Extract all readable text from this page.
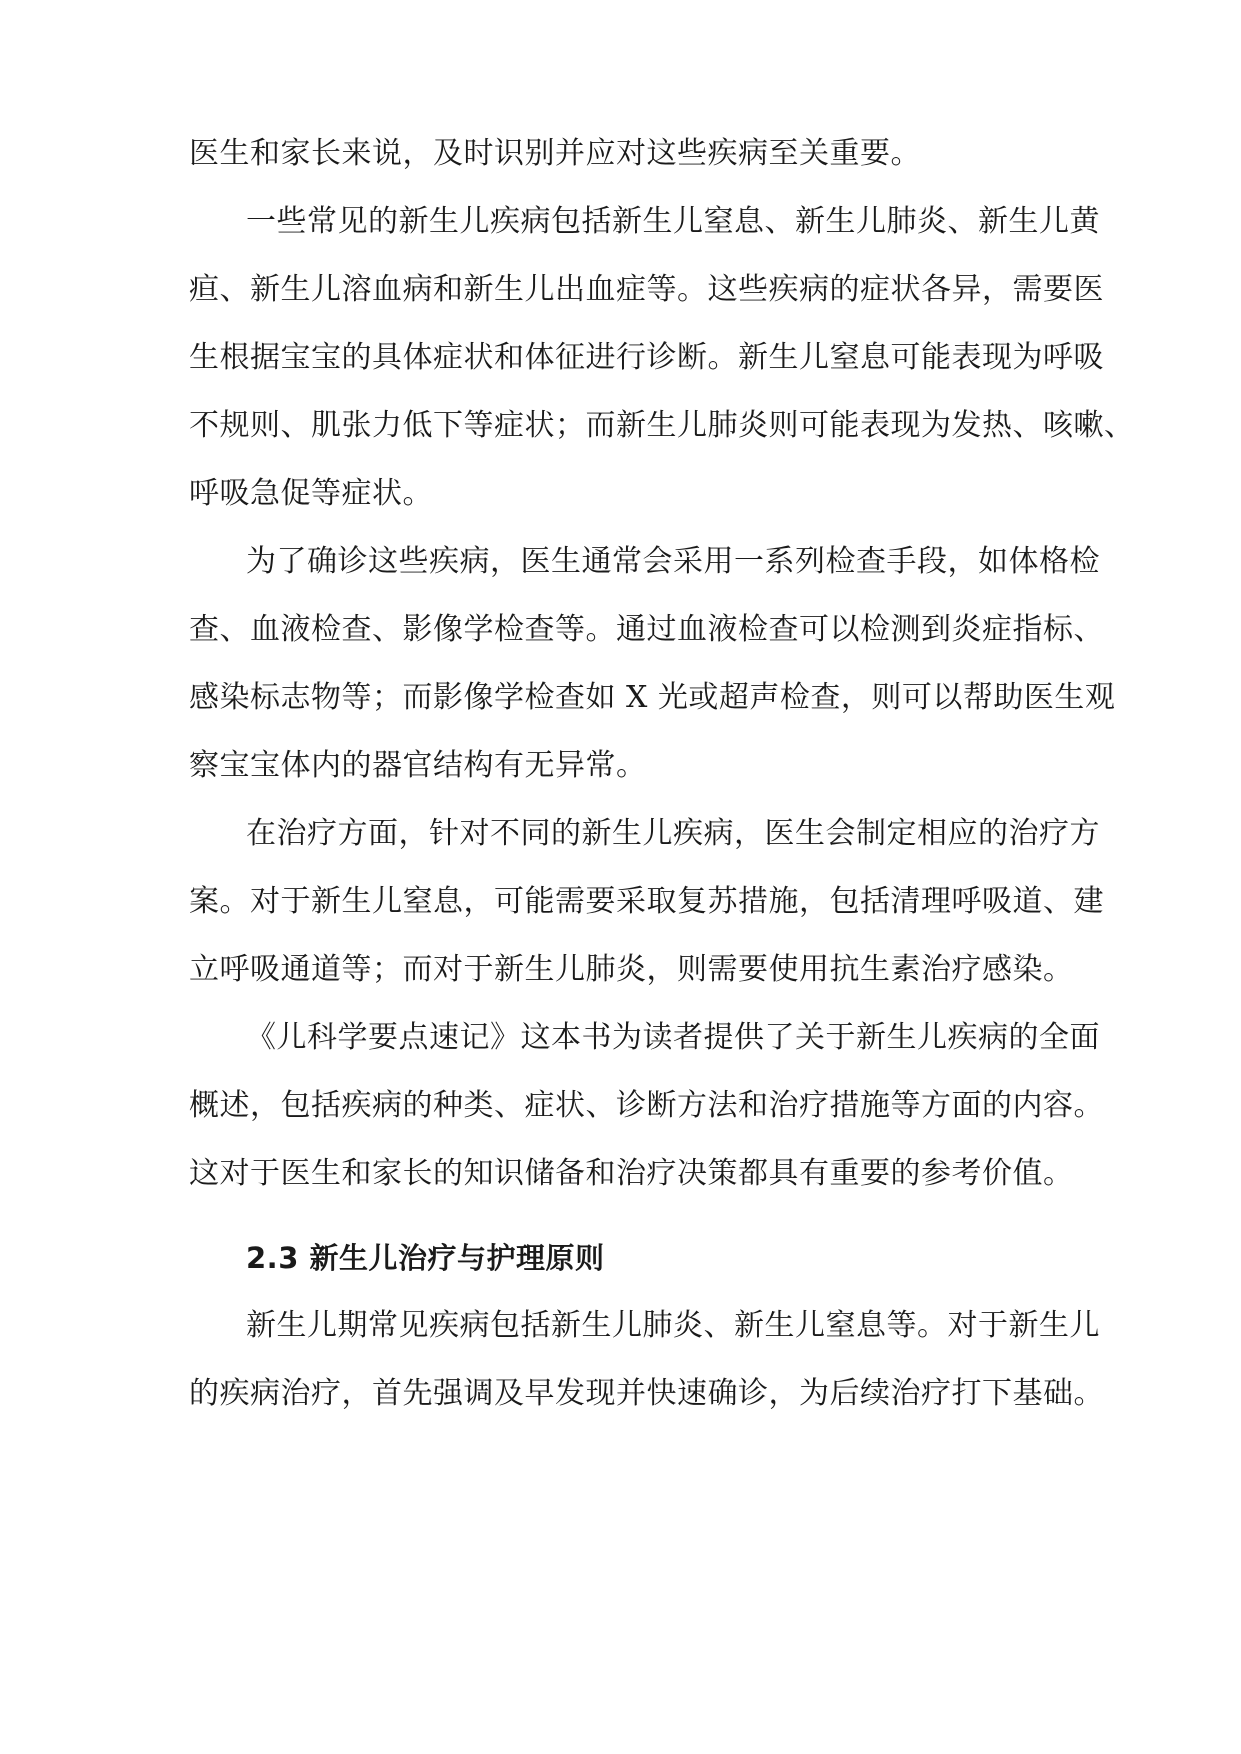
医生和家长来说，及时识别并应对这些疾病至关重要。

一些常见的新生儿疾病包括新生儿窒息、新生儿肺炎、新生儿黄

疸、新生儿溶血病和新生儿出血症等。这些疾病的症状各异，需要医

生根据宝宝的具体症状和体征进行诊断。新生儿窒息可能表现为呼吸

不规则、肌张力低下等症状；而新生儿肺炎则可能表现为发热、咳嗽、

呼吸急促等症状。

为了确诊这些疾病，医生通常会采用一系列检查手段，如体格检

查、血液检查、影像学检查等。通过血液检查可以检测到炎症指标、

感染标志物等；而影像学检查如 X 光或超声检查，则可以帮助医生观

察宝宝体内的器官结构有无异常。

在治疗方面，针对不同的新生儿疾病，医生会制定相应的治疗方

案。对于新生儿窒息，可能需要采取复苏措施，包括清理呼吸道、建

立呼吸通道等；而对于新生儿肺炎，则需要使用抗生素治疗感染。

《儿科学要点速记》这本书为读者提供了关于新生儿疾病的全面

概述，包括疾病的种类、症状、诊断方法和治疗措施等方面的内容。

这对于医生和家长的知识储备和治疗决策都具有重要的参考价值。

2.3 新生儿治疗与护理原则

新生儿期常见疾病包括新生儿肺炎、新生儿窒息等。对于新生儿

的疾病治疗，首先强调及早发现并快速确诊，为后续治疗打下基础。
